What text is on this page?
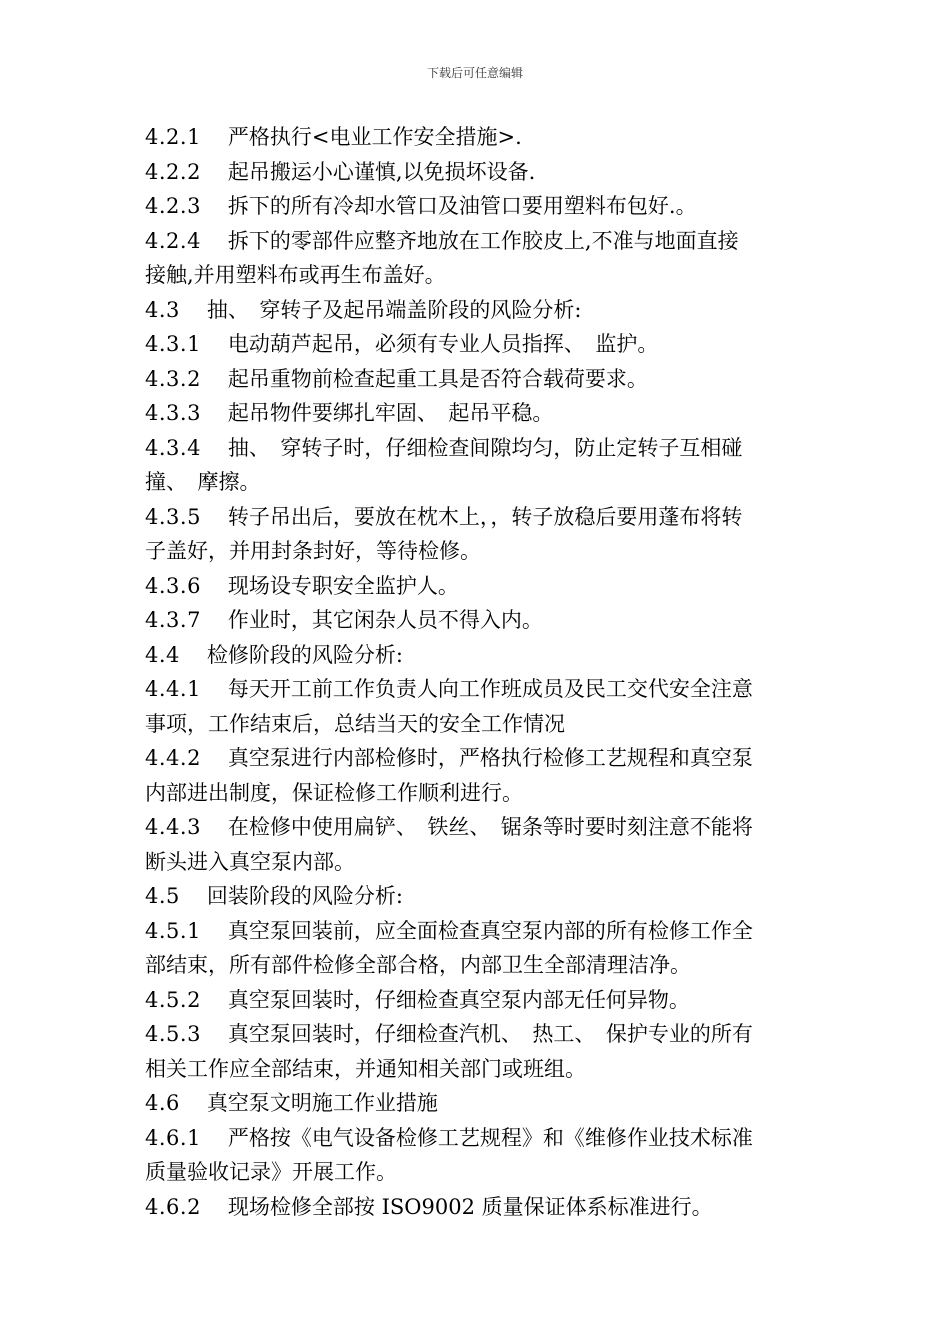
下载后可任意编辑
4.2.1　严格执行<电业工作安全措施>.
4.2.2　起吊搬运小心谨慎,以免损坏设备.
4.2.3　拆下的所有冷却水管口及油管口要用塑料布包好.。
4.2.4　拆下的零部件应整齐地放在工作胶皮上,不准与地面直接
接触,并用塑料布或再生布盖好。
4.3　抽、　穿转子及起吊端盖阶段的风险分析:
4.3.1　电动葫芦起吊，必须有专业人员指挥、　监护。
4.3.2　起吊重物前检查起重工具是否符合载荷要求。
4.3.3　起吊物件要绑扎牢固、　起吊平稳。
4.3.4　抽、　穿转子时，仔细检查间隙均匀，防止定转子互相碰
撞、　摩擦。
4.3.5　转子吊出后，要放在枕木上，，转子放稳后要用蓬布将转
子盖好，并用封条封好，等待检修。
4.3.6　现场设专职安全监护人。
4.3.7　作业时，其它闲杂人员不得入内。
4.4　检修阶段的风险分析:
4.4.1　每天开工前工作负责人向工作班成员及民工交代安全注意
事项，工作结束后，总结当天的安全工作情况
4.4.2　真空泵进行内部检修时，严格执行检修工艺规程和真空泵
内部进出制度，保证检修工作顺利进行。
4.4.3　在检修中使用扁铲、　铁丝、　锯条等时要时刻注意不能将
断头进入真空泵内部。
4.5　回装阶段的风险分析:
4.5.1　真空泵回装前，应全面检查真空泵内部的所有检修工作全
部结束，所有部件检修全部合格，内部卫生全部清理洁净。
4.5.2　真空泵回装时，仔细检查真空泵内部无任何异物。
4.5.3　真空泵回装时，仔细检查汽机、　热工、　保护专业的所有
相关工作应全部结束，并通知相关部门或班组。
4.6　真空泵文明施工作业措施
4.6.1　严格按《电气设备检修工艺规程》和《维修作业技术标准
质量验收记录》开展工作。
4.6.2　现场检修全部按 ISO9002 质量保证体系标准进行。
